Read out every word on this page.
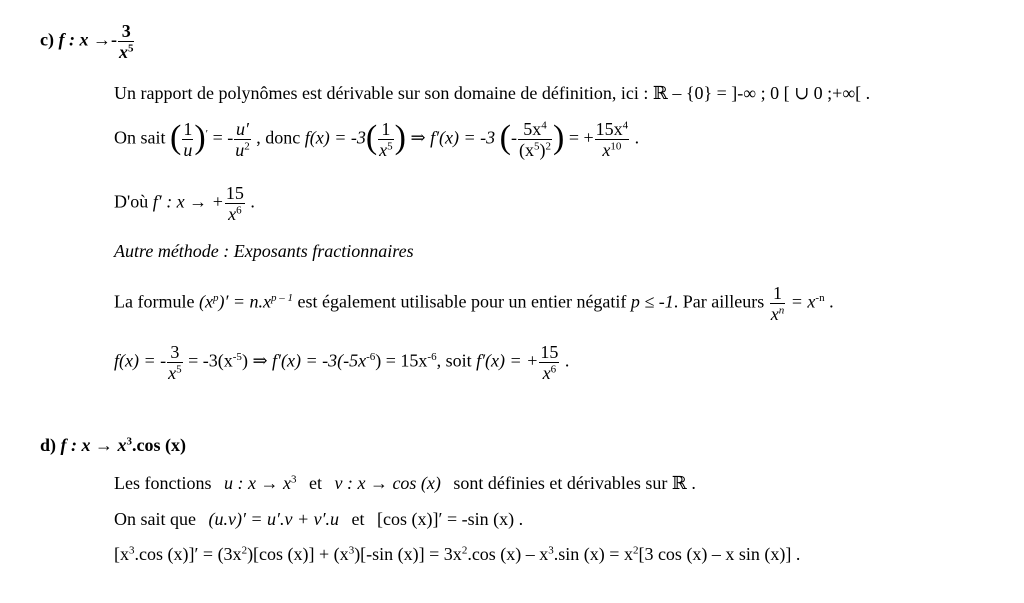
c) f : $x \to- \frac{3}{x^5}$
Un rapport de polynômes est dérivable sur son domaine de définition, ici : ℝ – {0} = ]-∞ ; 0 [ ∪ 0 ;+∞[ .
On sait ( $\frac{1}{u} )'$ = - $\frac{u'}{u^2}$ , donc $f(x) = -3( \frac{1}{x^5}$ ) ⇒ f′(x) = -3 (- $\frac{5x^4}{(x^5)^2}$ ) = + $\frac{15x^4}{x^{10}}$ .
D'où f′ : x → + $\frac{15}{x^6}$ .
Autre méthode : Exposants fractionnaires
La formule $(x^p)' = n.x^{p - 1}$ est également utilisable pour un entier négatif p ≤ -1. Par ailleurs $\frac{1}{x^n} = x^{-n}$ .
f(x) = - $\frac{3}{x^5} = -3(x^{-5})$ ⇒ $f'(x) = -3(-5x^{-6}) = 15x^{-6}$, soit f′(x) = + $\frac{15}{x^6}$ .
d) f : $x \to x^3.\cos$ (x)
Les fonctions u : $x \to x^3$ et v : x → cos (x) sont définies et dérivables sur ℝ .
On sait que (u.v)′ = u′.v + v′.u et [cos (x)]′ = -sin (x) .
[$x^3.\cos$ $(x)]' = (3x^2)[\cos$ $(x)] + (x^3)[-\sin$ $(x)] = 3x^2.\cos$ $(x) - x^3.\sin$ $(x) = x^2[3$ cos (x) – x sin (x)] .
